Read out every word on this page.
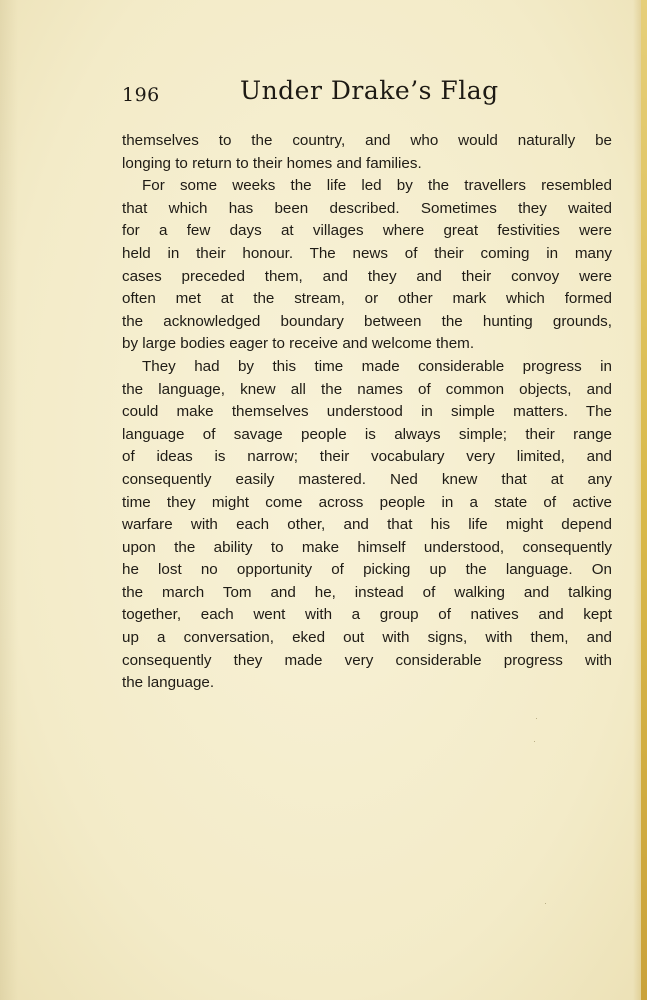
196	Under Drake’s Flag
themselves to the country, and who would naturally be
longing to return to their homes and families.
For some weeks the life led by the travellers resembled
that which has been described. Sometimes they waited
for a few days at villages where great festivities were
held in their honour. The news of their coming in many
cases preceded them, and they and their convoy were
often met at the stream, or other mark which formed
the acknowledged boundary between the hunting grounds,
by large bodies eager to receive and welcome them.
They had by this time made considerable progress in
the language, knew all the names of common objects, and
could make themselves understood in simple matters. The
language of savage people is always simple; their range
of ideas is narrow; their vocabulary very limited, and
consequently easily mastered. Ned knew that at any
time they might come across people in a state of active
warfare with each other, and that his life might depend
upon the ability to make himself understood, consequently
he lost no opportunity of picking up the language. On
the march Tom and he, instead of walking and talking
together, each went with a group of natives and kept
up a conversation, eked out with signs, with them, and
consequently they made very considerable progress with
the language.
